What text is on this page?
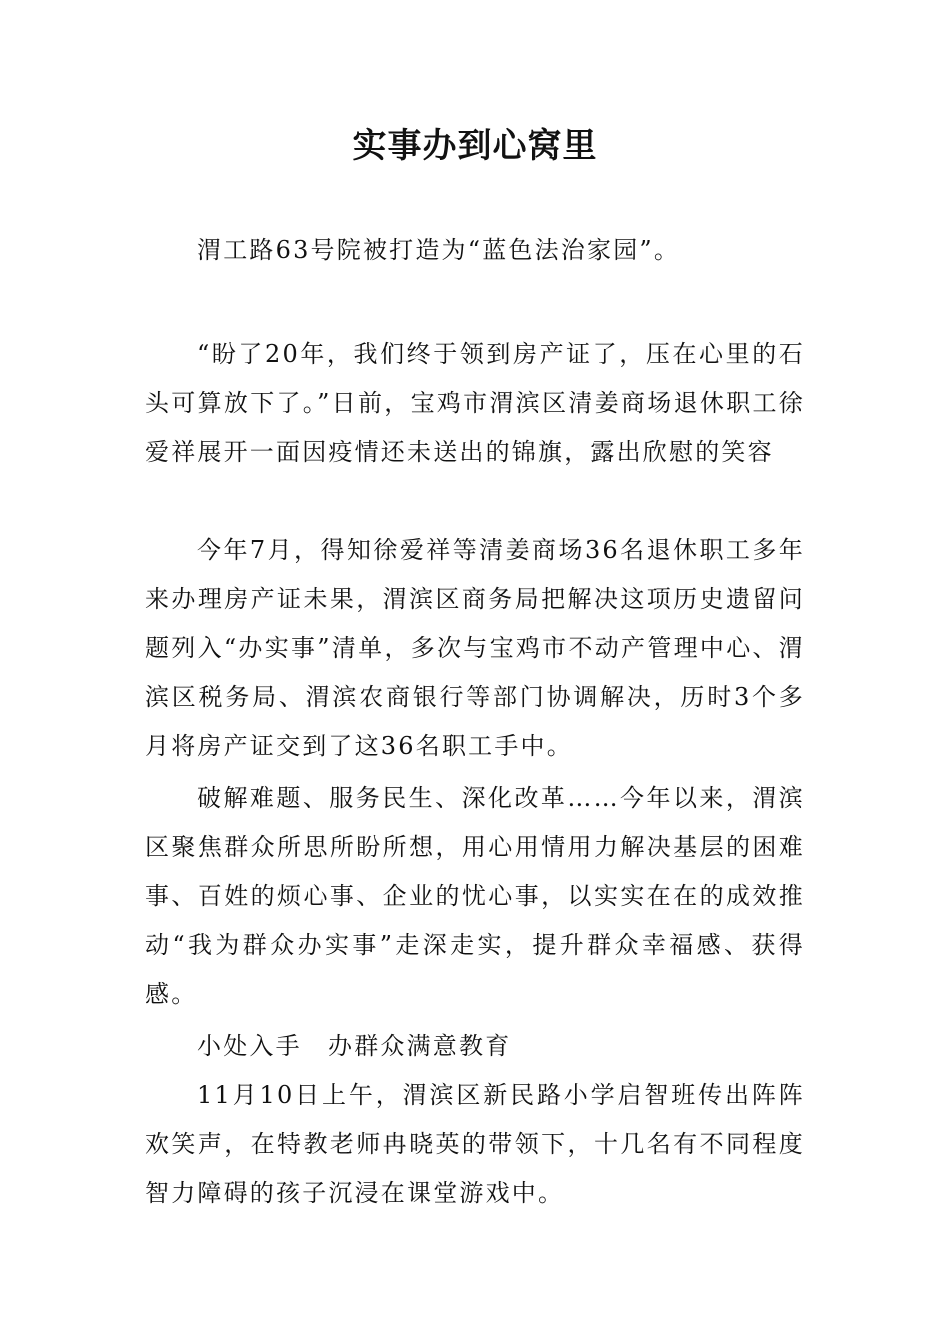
实事办到心窝里

渭工路63号院被打造为“蓝色法治家园”。

“盼了20年，我们终于领到房产证了，压在心里的石头可算放下了。”日前，宝鸡市渭滨区清姜商场退休职工徐爱祥展开一面因疫情还未送出的锦旗，露出欣慰的笑容

今年7月，得知徐爱祥等清姜商场36名退休职工多年来办理房产证未果，渭滨区商务局把解决这项历史遗留问题列入“办实事”清单，多次与宝鸡市不动产管理中心、渭滨区税务局、渭滨农商银行等部门协调解决，历时3个多月将房产证交到了这36名职工手中。

破解难题、服务民生、深化改革……今年以来，渭滨区聚焦群众所思所盼所想，用心用情用力解决基层的困难事、百姓的烦心事、企业的忧心事，以实实在在的成效推动“我为群众办实事”走深走实，提升群众幸福感、获得感。

小处入手　办群众满意教育

11月10日上午，渭滨区新民路小学启智班传出阵阵欢笑声，在特教老师冉晓英的带领下，十几名有不同程度智力障碍的孩子沉浸在课堂游戏中。
